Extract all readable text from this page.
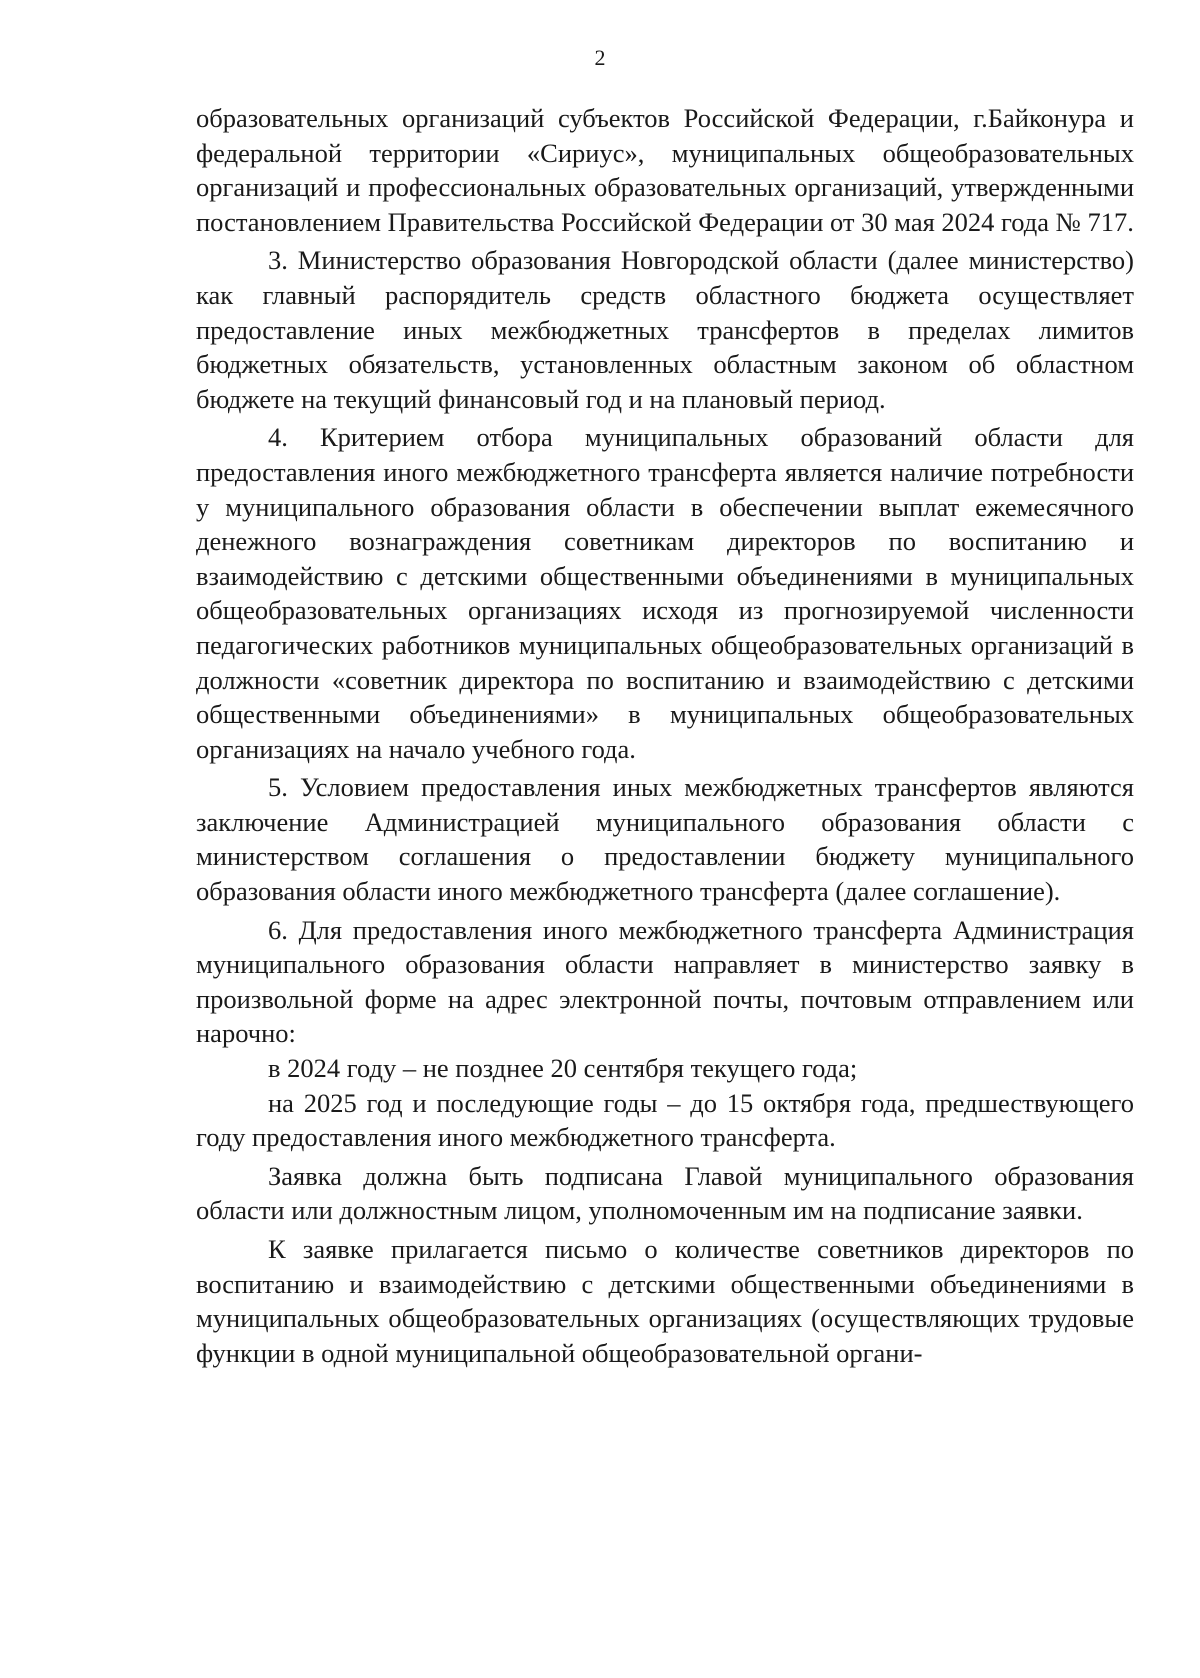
2

образовательных организаций субъектов Российской Федерации, г.Байконура и федеральной территории «Сириус», муниципальных общеобразовательных организаций и профессиональных образовательных организаций, утвержденными постановлением Правительства Российской Федерации от 30 мая 2024 года № 717.

3. Министерство образования Новгородской области (далее министерство) как главный распорядитель средств областного бюджета осуществляет предоставление иных межбюджетных трансфертов в пределах лимитов бюджетных обязательств, установленных областным законом об областном бюджете на текущий финансовый год и на плановый период.

4. Критерием отбора муниципальных образований области для предоставления иного межбюджетного трансферта является наличие потребности у муниципального образования области в обеспечении выплат ежемесячного денежного вознаграждения советникам директоров по воспитанию и взаимодействию с детскими общественными объединениями в муниципальных общеобразовательных организациях исходя из прогнозируемой численности педагогических работников муниципальных общеобразовательных организаций в должности «советник директора по воспитанию и взаимодействию с детскими общественными объединениями» в муниципальных общеобразовательных организациях на начало учебного года.

5. Условием предоставления иных межбюджетных трансфертов являются заключение Администрацией муниципального образования области с министерством соглашения о предоставлении бюджету муниципального образования области иного межбюджетного трансферта (далее соглашение).

6. Для предоставления иного межбюджетного трансферта Администрация муниципального образования области направляет в министерство заявку в произвольной форме на адрес электронной почты, почтовым отправлением или нарочно:

в 2024 году – не позднее 20 сентября текущего года;

на 2025 год и последующие годы – до 15 октября года, предшествующего году предоставления иного межбюджетного трансферта.

Заявка должна быть подписана Главой муниципального образования области или должностным лицом, уполномоченным им на подписание заявки.

К заявке прилагается письмо о количестве советников директоров по воспитанию и взаимодействию с детскими общественными объединениями в муниципальных общеобразовательных организациях (осуществляющих трудовые функции в одной муниципальной общеобразовательной органи-
